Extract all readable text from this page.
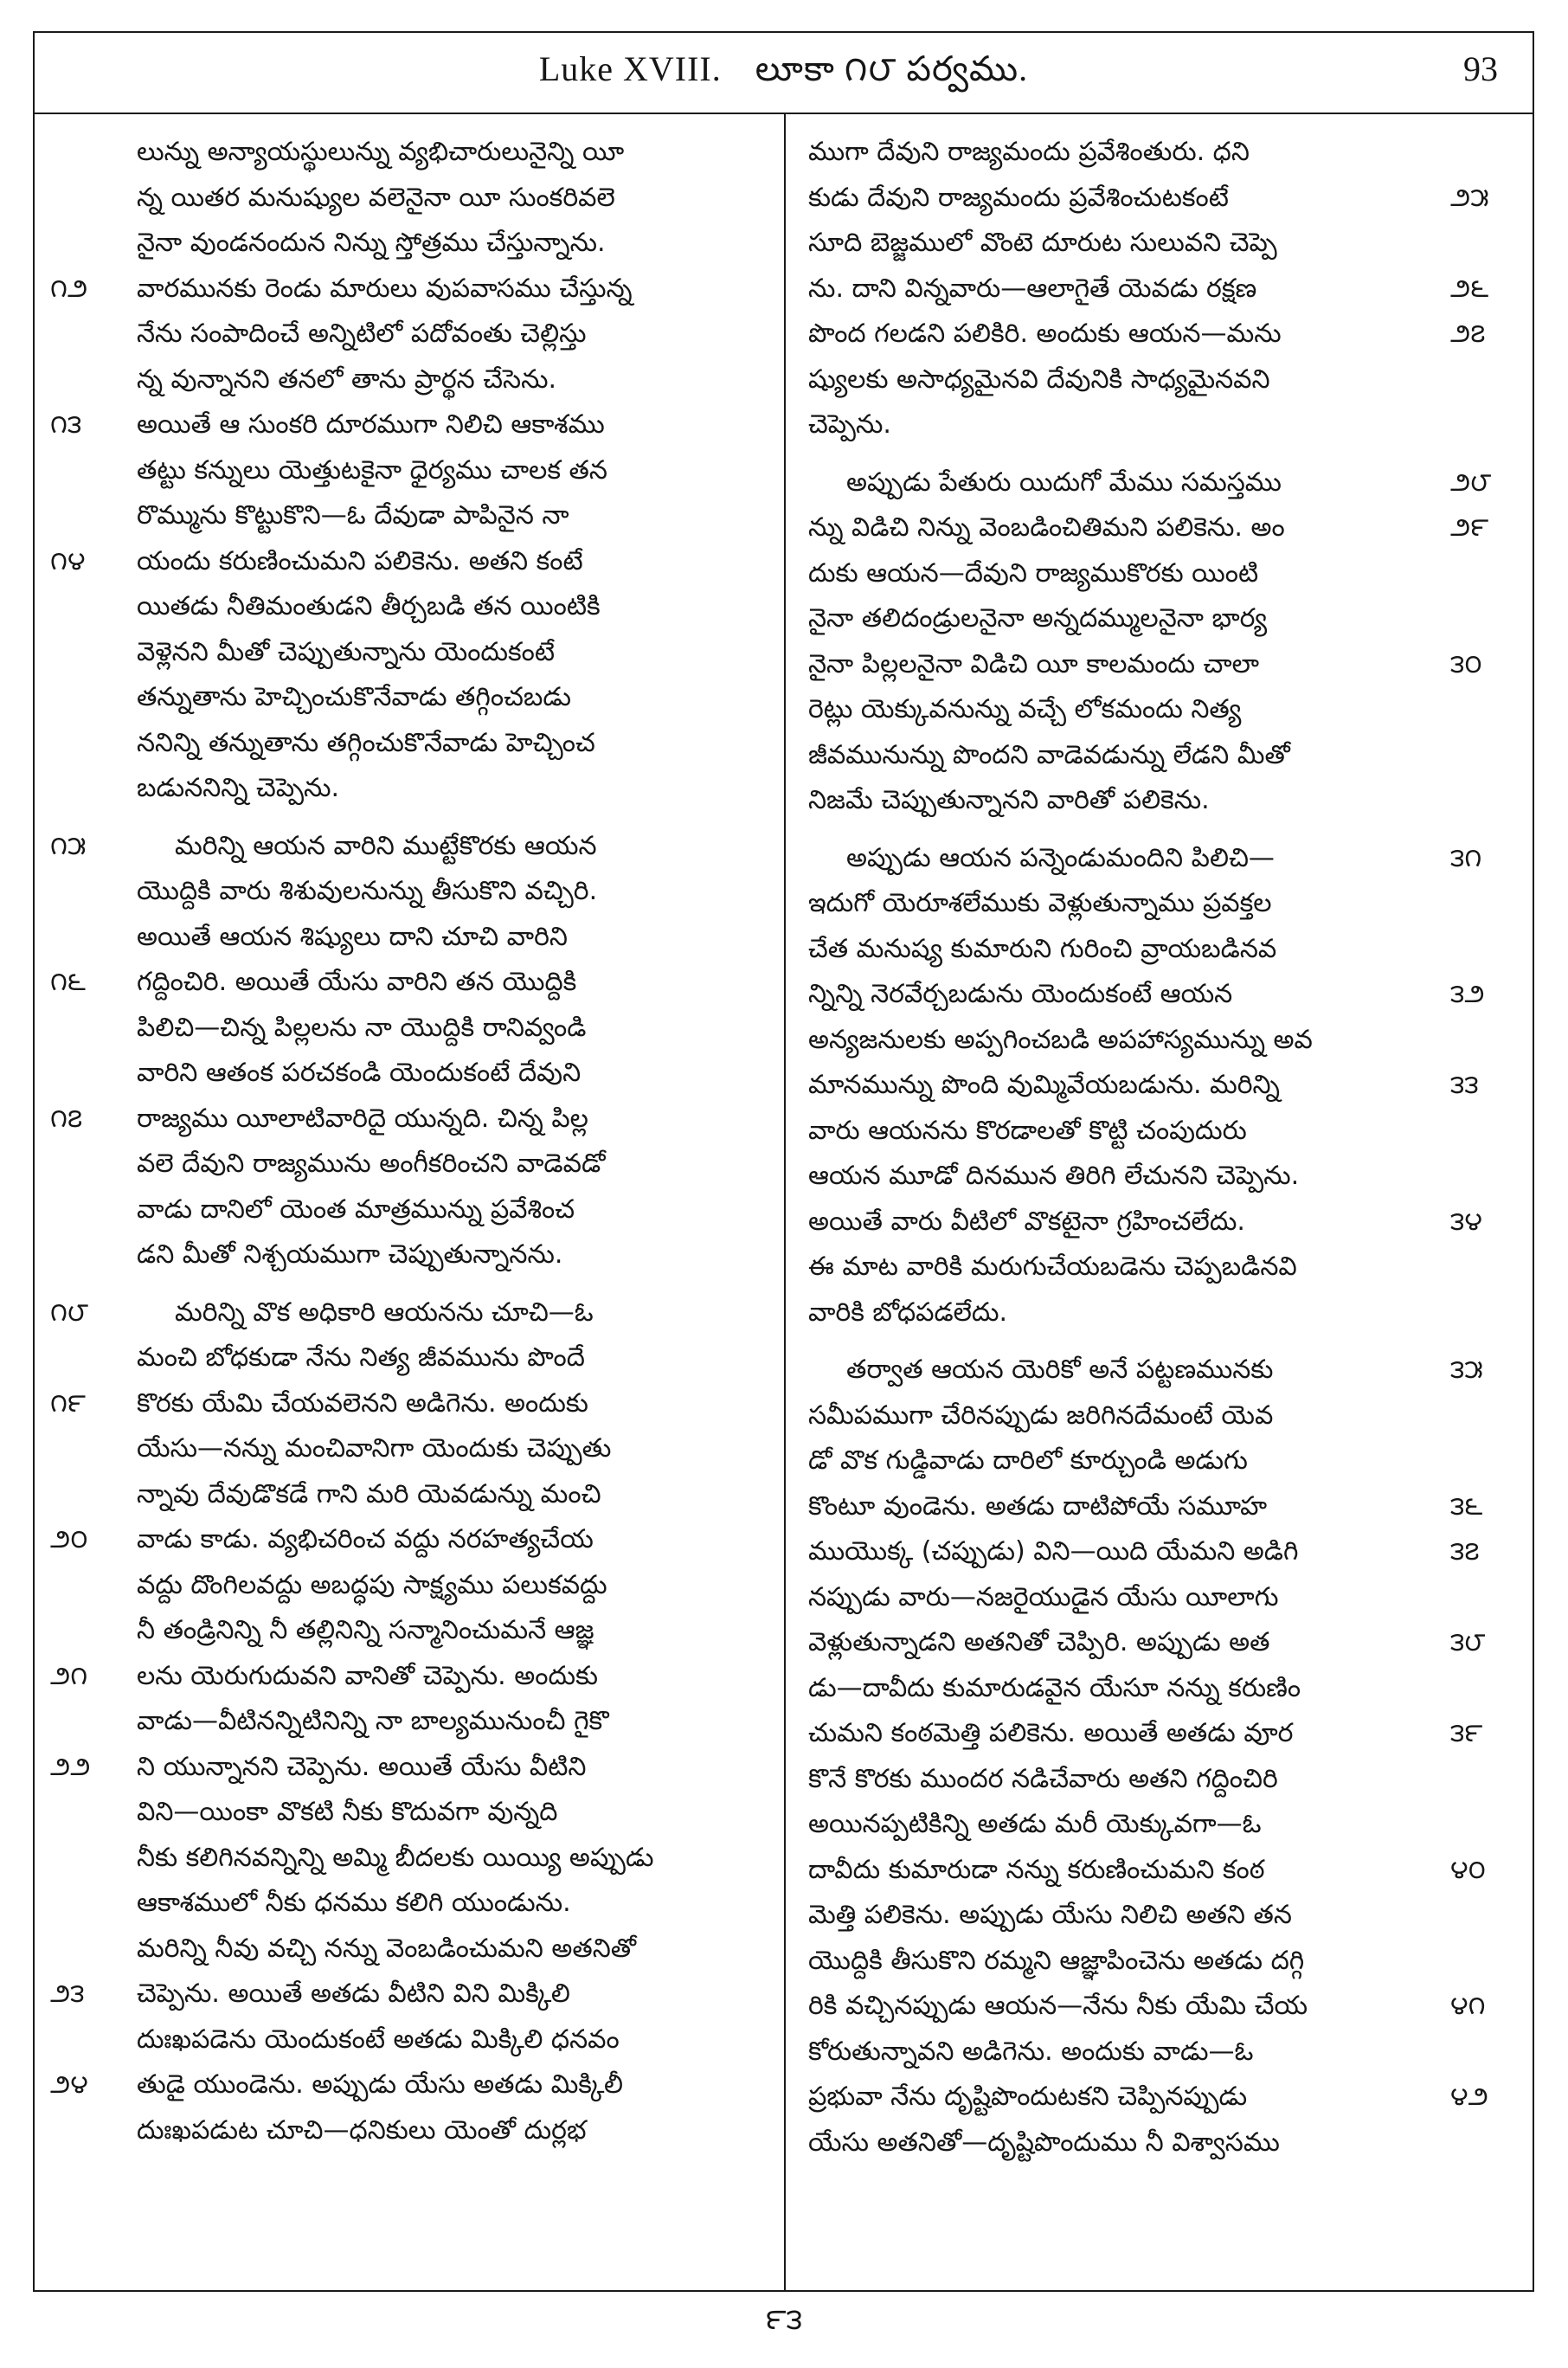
Luke XVIII. లూకా ౧౮ పర్వము.	93
లున్ను అన్యాయస్థులున్ను వ్యభిచారులునైన్ని యీ
న్న యితర మనుష్యుల వలెనైనా యీ సుంకరివలె
నైనా వుండనందున నిన్ను స్తోత్రము చేస్తున్నాను.
౧౨	వారమునకు రెండు మారులు వుపవాసము చేస్తున్న
నేను సంపాదించే అన్నిటిలో పదోవంతు చెల్లిస్తు
న్న వున్నానని తనలో తాను ప్రార్థన చేసెను.
౧౩	అయితే ఆ సుంకరి దూరముగా నిలిచి ఆకాశము
తట్టు కన్నులు యెత్తుటకైనా ధైర్యము చాలక తన
రొమ్మును కొట్టుకొని—ఓ దేవుడా పాపినైన నా
౧౪	యందు కరుణించుమని పలికెను. అతని కంటే
యితడు నీతిమంతుడని తీర్చబడి తన యింటికి
వెళ్లెనని మీతో చెప్పుతున్నాను యెందుకంటే
తన్నుతాను హెచ్చించుకొనేవాడు తగ్గించబడు
ననిన్ని తన్నుతాను తగ్గించుకొనేవాడు హెచ్చించ
బడుననిన్ని చెప్పెను.
౧౫	మరిన్ని ఆయన వారిని ముట్టేకొరకు ఆయన
యొద్దికి వారు శిశువులనున్ను తీసుకొని వచ్చిరి.
అయితే ఆయన శిష్యులు దాని చూచి వారిని
౧౬	గద్దించిరి. అయితే యేసు వారిని తన యొద్దికి
పిలిచి—చిన్న పిల్లలను నా యొద్దికి రానివ్వండి
వారిని ఆతంక పరచకండి యెందుకంటే దేవుని
౧౭	రాజ్యము యీలాటివారిదై యున్నది. చిన్న పిల్ల
వలె దేవుని రాజ్యమును అంగీకరించని వాడెవడో
వాడు దానిలో యెంత మాత్రమున్ను ప్రవేశించ
డని మీతో నిశ్చయముగా చెప్పుతున్నానను.
౧౮	మరిన్ని వొక అధికారి ఆయనను చూచి—ఓ
మంచి బోధకుడా నేను నిత్య జీవమును పొందే
౧౯	కొరకు యేమి చేయవలెనని అడిగెను. అందుకు
యేసు—నన్ను మంచివానిగా యెందుకు చెప్పుతు
న్నావు దేవుడొకడే గాని మరి యెవడున్ను మంచి
౨౦	వాడు కాడు. వ్యభిచరించ వద్దు నరహత్యచేయ
వద్దు దొంగిలవద్దు అబద్ధపు సాక్ష్యము పలుకవద్దు
నీ తండ్రినిన్ని నీ తల్లినిన్ని సన్మానించుమనే ఆజ్ఞ
౨౧	లను యెరుగుదువని వానితో చెప్పెను. అందుకు
వాడు—వీటినన్నిటినిన్ని నా బాల్యమునుంచీ గైకొ
౨౨	ని యున్నానని చెప్పెను. అయితే యేసు వీటిని
విని—యింకా వొకటి నీకు కొదువగా వున్నది
నీకు కలిగినవన్నిన్ని అమ్మి బీదలకు యియ్యి అప్పుడు
ఆకాశములో నీకు ధనము కలిగి యుండును.
మరిన్ని నీవు వచ్చి నన్ను వెంబడించుమని అతనితో
౨౩	చెప్పెను. అయితే అతడు వీటిని విని మిక్కిలి
దుఃఖపడెను యెందుకంటే అతడు మిక్కిలి ధనవం
౨౪	తుడై యుండెను. అప్పుడు యేసు అతడు మిక్కిలీ
దుఃఖపడుట చూచి—ధనికులు యెంతో దుర్లభ
ముగా దేవుని రాజ్యమందు ప్రవేశింతురు. ధని
౨౫
కుడు దేవుని రాజ్యమందు ప్రవేశించుటకంటే
సూది బెజ్జములో వొంటె దూరుట సులువని చెప్పె
౨౬
ను. దాని విన్నవారు—ఆలాగైతే యెవడు రక్షణ
౨౭
పొంద గలడని పలికిరి. అందుకు ఆయన—మను
ష్యులకు అసాధ్యమైనవి దేవునికి సాధ్యమైనవని
చెప్పెను.
౨౮
అప్పుడు పేతురు యిదుగో మేము సమస్తము
౨౯
న్ను విడిచి నిన్ను వెంబడించితిమని పలికెను. అం
దుకు ఆయన—దేవుని రాజ్యముకొరకు యింటి
నైనా తలిదండ్రులనైనా అన్నదమ్ములనైనా భార్య
౩౦
నైనా పిల్లలనైనా విడిచి యీ కాలమందు చాలా
రెట్లు యెక్కువనున్ను వచ్చే లోకమందు నిత్య
జీవమునున్ను పొందని వాడెవడున్ను లేడని మీతో
నిజమే చెప్పుతున్నానని వారితో పలికెను.
౩౧
అప్పుడు ఆయన పన్నెండుమందిని పిలిచి—
ఇదుగో యెరూశలేముకు వెళ్లుతున్నాము ప్రవక్తల
చేత మనుష్య కుమారుని గురించి వ్రాయబడినవ
౩౨
న్నిన్ని నెరవేర్చబడును యెందుకంటే ఆయన
అన్యజనులకు అప్పగించబడి అపహాస్యమున్ను అవ
౩౩
మానమున్ను పొంది వుమ్మివేయబడును. మరిన్ని
వారు ఆయనను కొరడాలతో కొట్టి చంపుదురు
ఆయన మూడో దినమున తిరిగి లేచునని చెప్పెను.
౩౪
అయితే వారు వీటిలో వొకటైనా గ్రహించలేదు.
ఈ మాట వారికి మరుగుచేయబడెను చెప్పబడినవి
వారికి బోధపడలేదు.
౩౫
తర్వాత ఆయన యెరికో అనే పట్టణమునకు
సమీపముగా చేరినప్పుడు జరిగినదేమంటే యెవ
డో వొక గుడ్డివాడు దారిలో కూర్చుండి అడుగు
౩౬
కొంటూ వుండెను. అతడు దాటిపోయే సమూహ
౩౭
ముయొక్క (చప్పుడు) విని—యిది యేమని అడిగి
నప్పుడు వారు—నజరైయుడైన యేసు యీలాగు
౩౮
వెళ్లుతున్నాడని అతనితో చెప్పిరి. అప్పుడు అత
డు—దావీదు కుమారుడవైన యేసూ నన్ను కరుణిం
౩౯
చుమని కంఠమెత్తి పలికెను. అయితే అతడు వూర
కొనే కొరకు ముందర నడిచేవారు అతని గద్దించిరి
అయినప్పటికిన్ని అతడు మరీ యెక్కువగా—ఓ
౪౦
దావీదు కుమారుడా నన్ను కరుణించుమని కంఠ
మెత్తి పలికెను. అప్పుడు యేసు నిలిచి అతని తన
యొద్దికి తీసుకొని రమ్మని ఆజ్ఞాపించెను అతడు దగ్గి
౪౧
రికి వచ్చినప్పుడు ఆయన—నేను నీకు యేమి చేయ
కోరుతున్నావని అడిగెను. అందుకు వాడు—ఓ
౪౨
ప్రభువా నేను దృష్టిపొందుటకని చెప్పినప్పుడు
యేసు అతనితో—దృష్టిపొందుము నీ విశ్వాసము
౯౩
